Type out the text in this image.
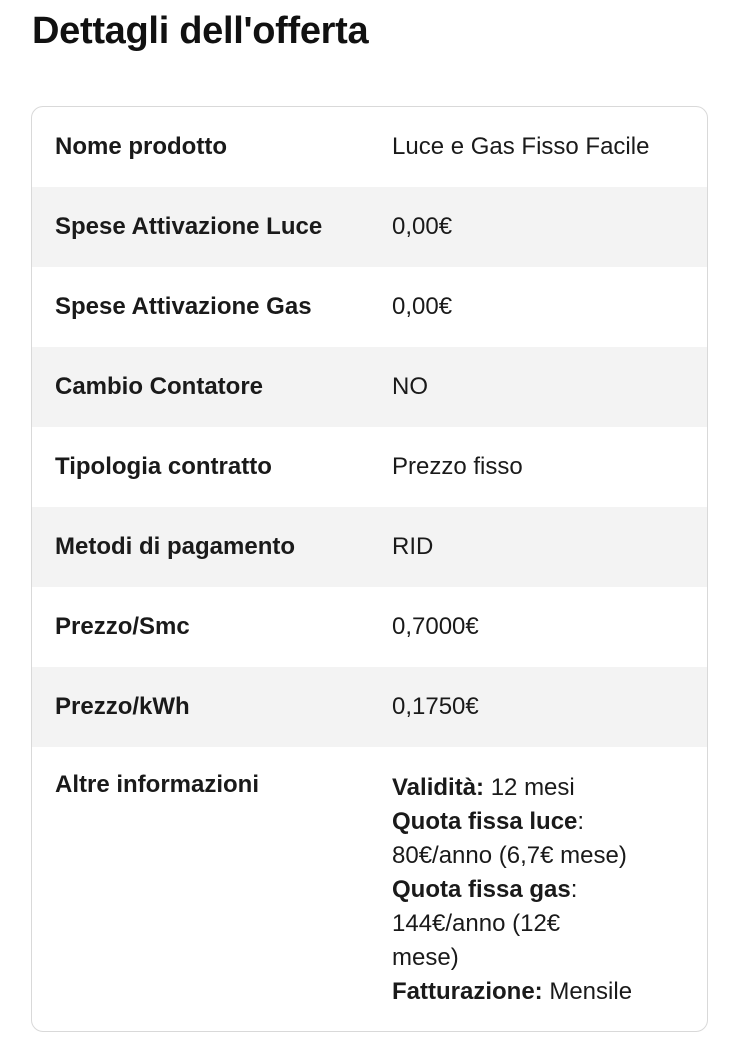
Dettagli dell'offerta
Nome prodotto	Luce e Gas Fisso Facile
Spese Attivazione Luce	0,00€
Spese Attivazione Gas	0,00€
Cambio Contatore	NO
Tipologia contratto	Prezzo fisso
Metodi di pagamento	RID
Prezzo/Smc	0,7000€
Prezzo/kWh	0,1750€
Altre informazioni	Validità: 12 mesi
Quota fissa luce: 80€/anno (6,7€ mese)
Quota fissa gas: 144€/anno (12€ mese)
Fatturazione: Mensile
